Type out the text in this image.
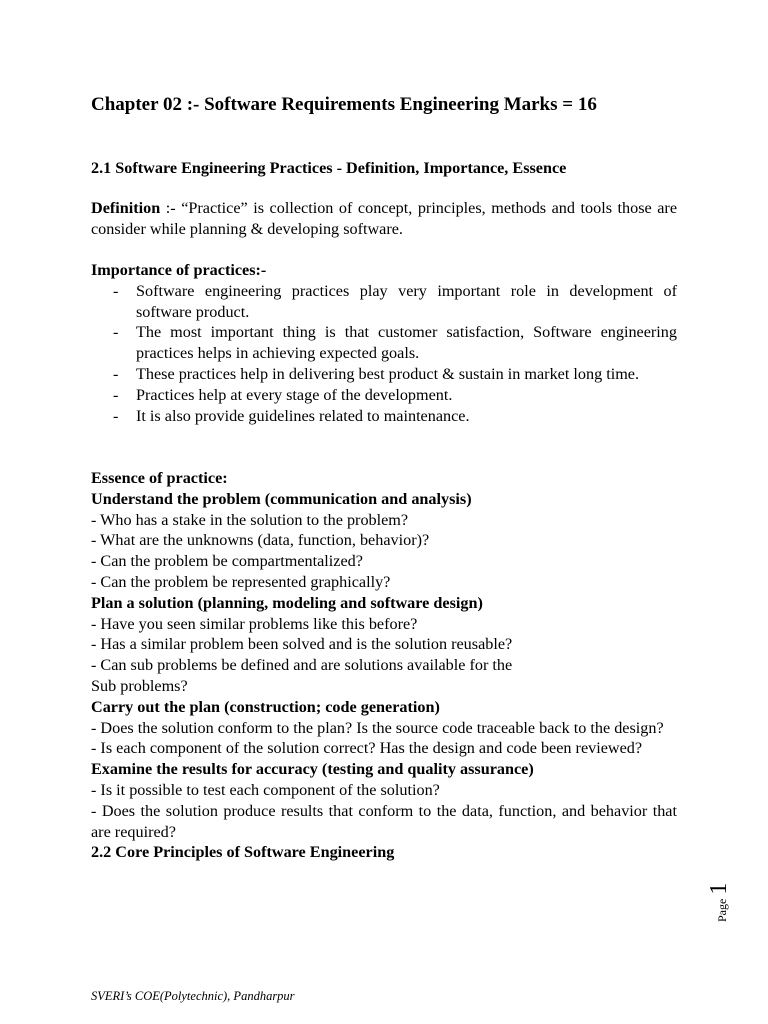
Chapter 02 :- Software Requirements Engineering Marks = 16
2.1 Software Engineering Practices - Definition, Importance, Essence

Definition :- “Practice” is collection of concept, principles, methods and tools those are consider while planning & developing software.

Importance of practices:-
- Software engineering practices play very important role in development of software product.
- The most important thing is that customer satisfaction, Software engineering practices helps in achieving expected goals.
- These practices help in delivering best product & sustain in market long time.
- Practices help at every stage of the development.
- It is also provide guidelines related to maintenance.

Essence of practice:

Understand the problem (communication and analysis)

- Who has a stake in the solution to the problem?

- What are the unknowns (data, function, behavior)?

- Can the problem be compartmentalized?

- Can the problem be represented graphically?

Plan a solution (planning, modeling and software design)

- Have you seen similar problems like this before?

- Has a similar problem been solved and is the solution reusable?

- Can sub problems be defined and are solutions available for the

Sub problems?

Carry out the plan (construction; code generation)

- Does the solution conform to the plan? Is the source code traceable back to the design?

- Is each component of the solution correct? Has the design and code been reviewed?

Examine the results for accuracy (testing and quality assurance)

- Is it possible to test each component of the solution?

- Does the solution produce results that conform to the data, function, and behavior that are required?

2.2 Core Principles of Software Engineering

Page 1
SVERI’s COE(Polytechnic), Pandharpur
